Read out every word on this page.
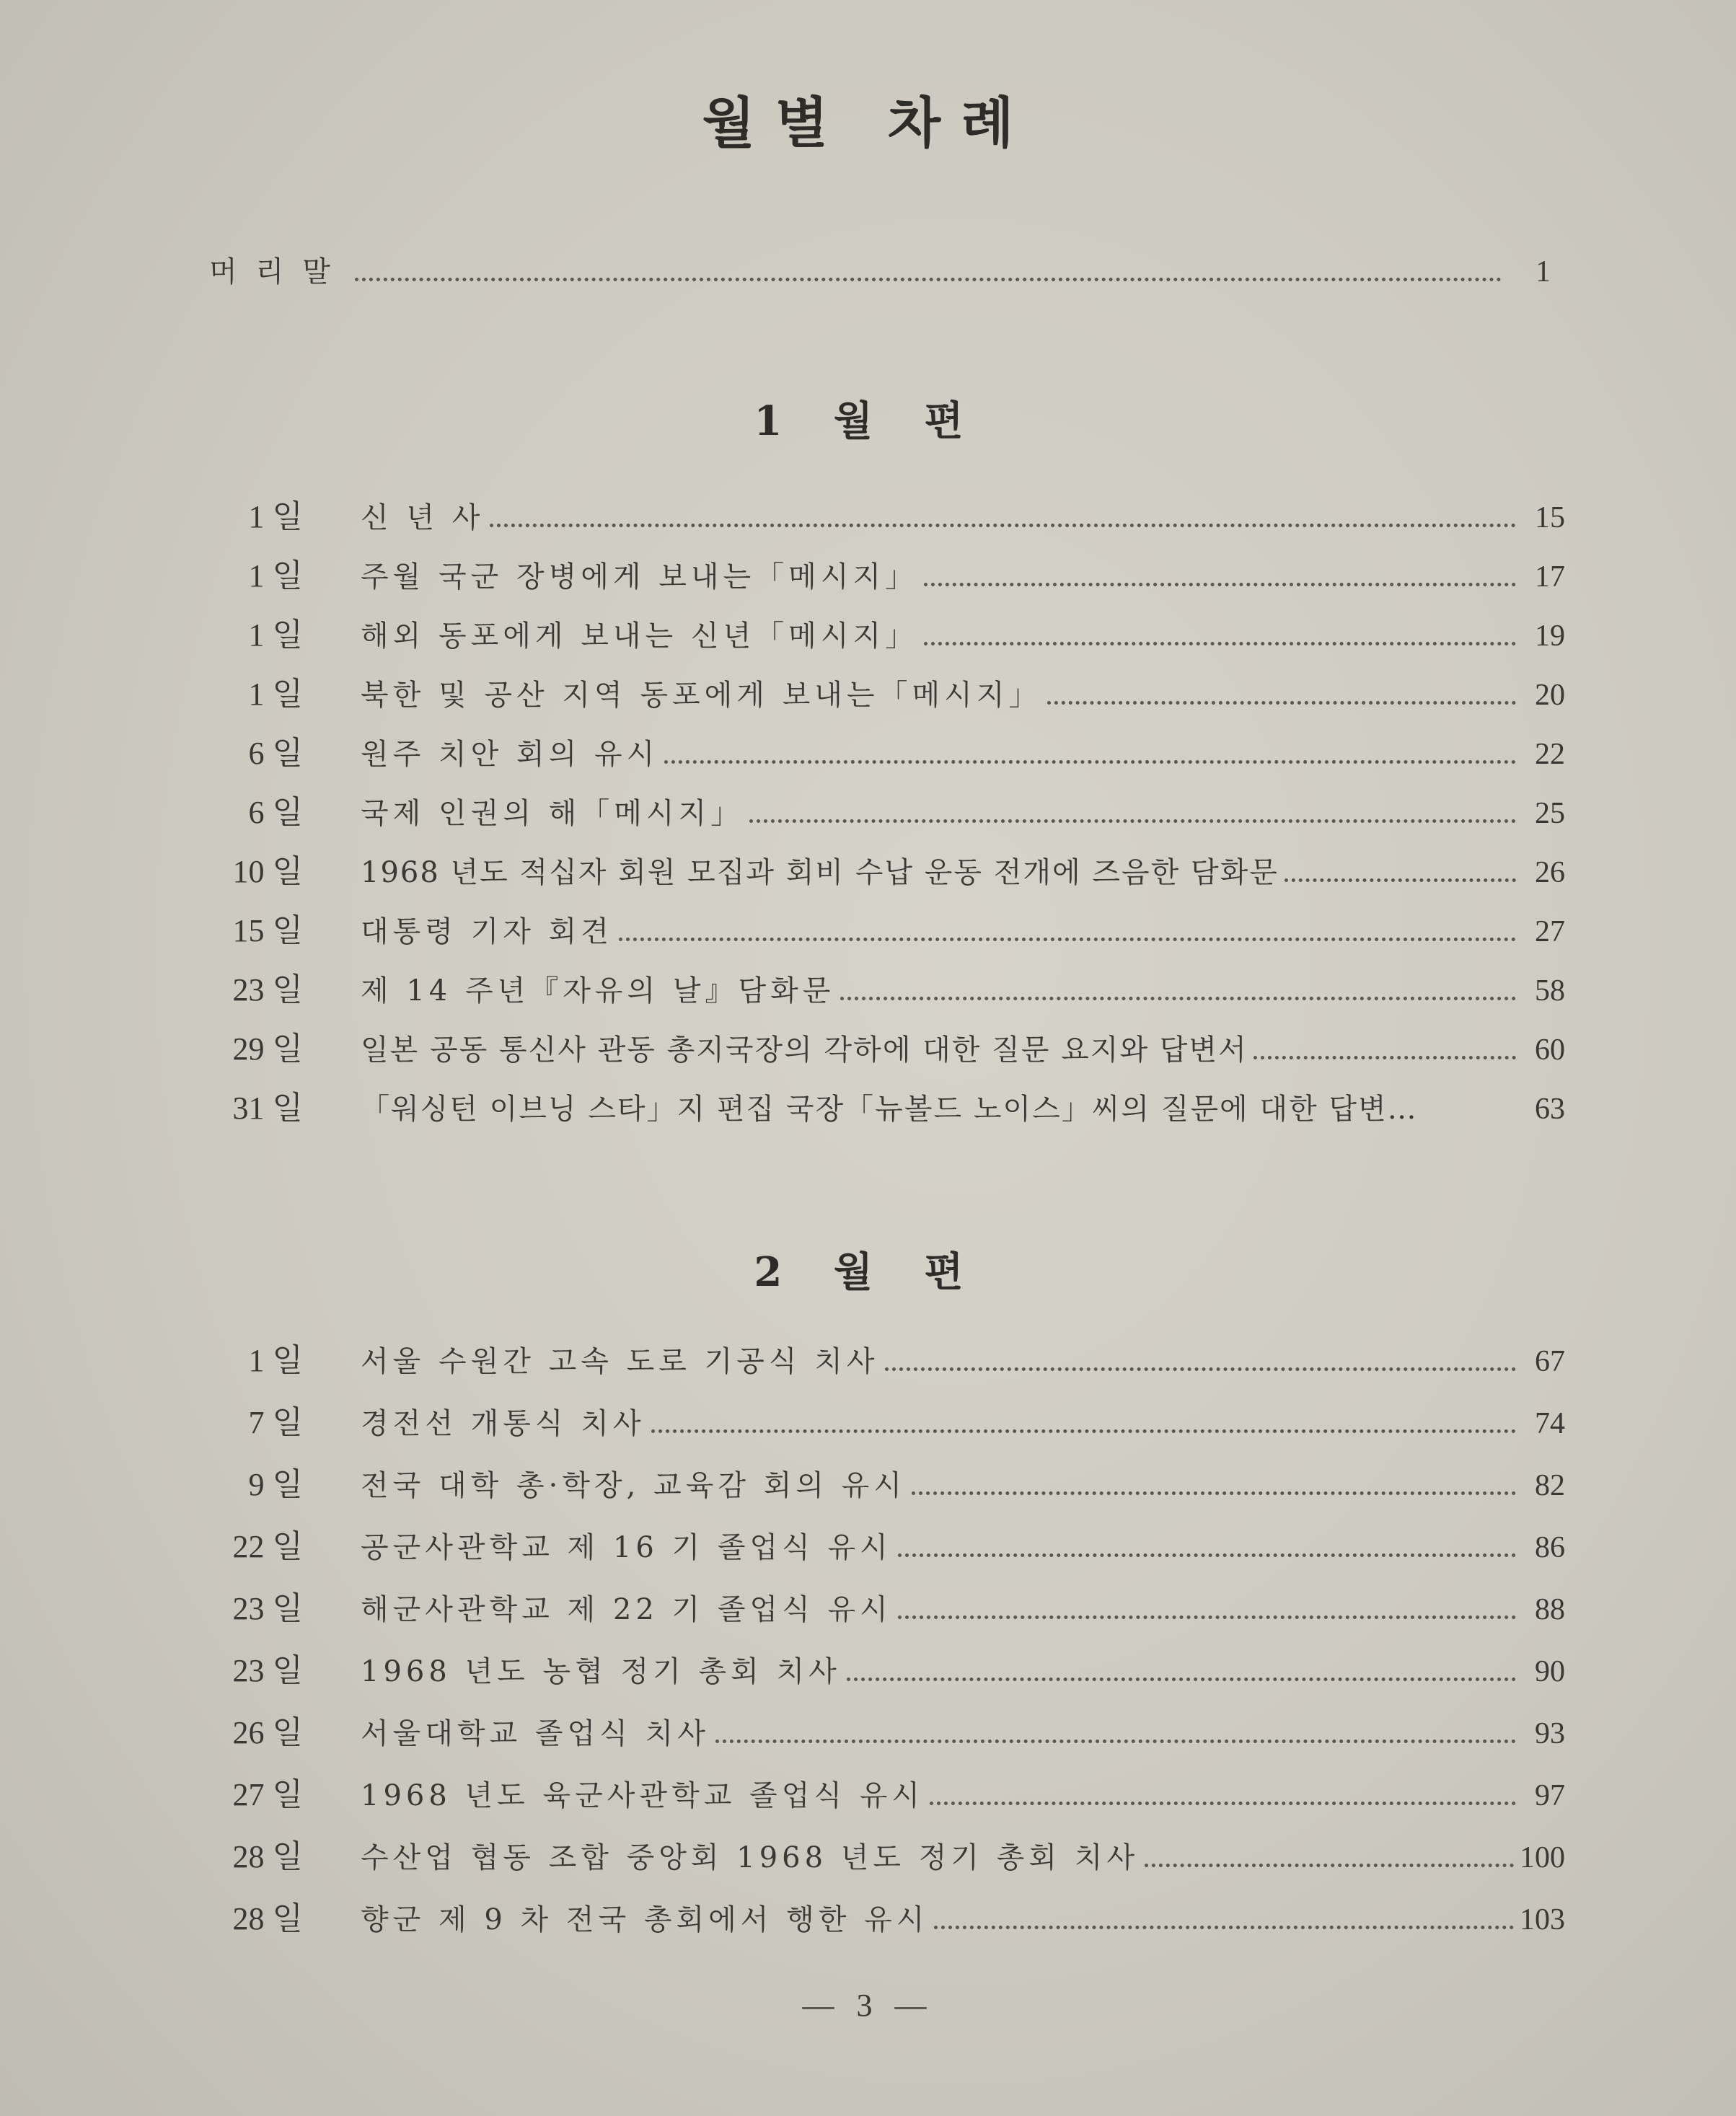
월별 차례
머리말	1
1 월 편
1 일	신 년 사	15
1 일	주월 국군 장병에게 보내는「메시지」	17
1 일	해외 동포에게 보내는 신년「메시지」	19
1 일	북한 및 공산 지역 동포에게 보내는「메시지」	20
6 일	원주 치안 회의 유시	22
6 일	국제 인권의 해「메시지」	25
10 일	1968 년도 적십자 회원 모집과 회비 수납 운동 전개에 즈음한 담화문	26
15 일	대통령 기자 회견	27
23 일	제 14 주년『자유의 날』담화문	58
29 일	일본 공동 통신사 관동 총지국장의 각하에 대한 질문 요지와 답변서	60
31 일	「워싱턴 이브닝 스타」지 편집 국장「뉴볼드 노이스」씨의 질문에 대한 답변…	63
2 월 편
1 일	서울 수원간 고속 도로 기공식 치사	67
7 일	경전선 개통식 치사	74
9 일	전국 대학 총·학장, 교육감 회의 유시	82
22 일	공군사관학교 제 16 기 졸업식 유시	86
23 일	해군사관학교 제 22 기 졸업식 유시	88
23 일	1968 년도 농협 정기 총회 치사	90
26 일	서울대학교 졸업식 치사	93
27 일	1968 년도 육군사관학교 졸업식 유시	97
28 일	수산업 협동 조합 중앙회 1968 년도 정기 총회 치사	100
28 일	향군 제 9 차 전국 총회에서 행한 유시	103
— 3 —
